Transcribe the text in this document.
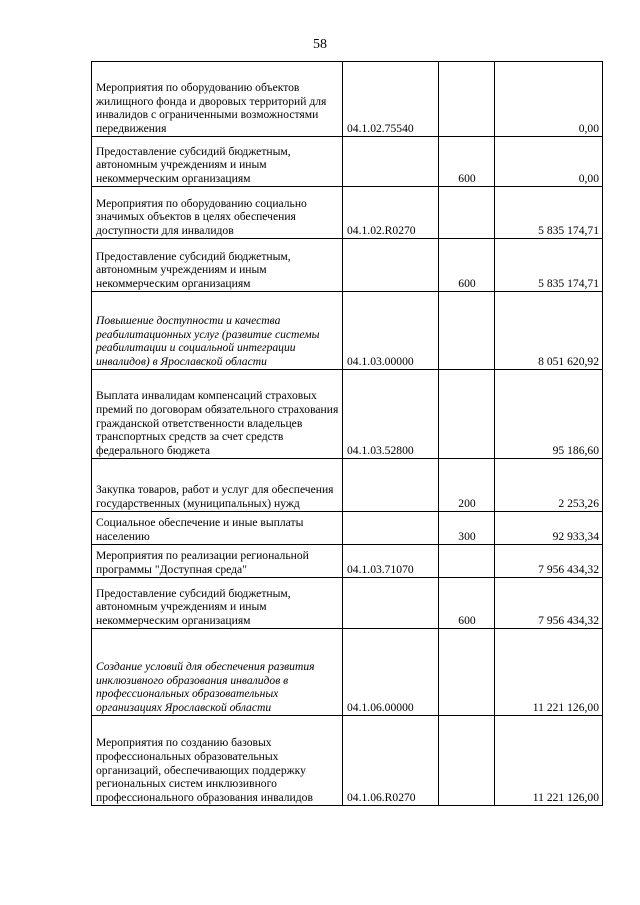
58
Мероприятия по оборудованию объектов жилищного фонда и дворовых территорий для инвалидов с ограниченными возможностями передвижения	04.1.02.75540		0,00

Предоставление субсидий бюджетным, автономным учреждениям и иным некоммерческим организациям		600	0,00

Мероприятия по оборудованию социально значимых объектов в целях обеспечения доступности для инвалидов	04.1.02.R0270		5 835 174,71

Предоставление субсидий бюджетным, автономным учреждениям и иным некоммерческим организациям		600	5 835 174,71

Повышение доступности и качества реабилитационных услуг (развитие системы реабилитации и социальной интеграции инвалидов) в Ярославской области	04.1.03.00000		8 051 620,92

Выплата инвалидам компенсаций страховых премий по договорам обязательного страхования гражданской ответственности владельцев транспортных средств за счет средств федерального бюджета	04.1.03.52800		95 186,60

Закупка товаров, работ и услуг для обеспечения государственных (муниципальных) нужд		200	2 253,26

Социальное обеспечение и иные выплаты населению		300	92 933,34

Мероприятия по реализации региональной программы "Доступная среда"	04.1.03.71070		7 956 434,32

Предоставление субсидий бюджетным, автономным учреждениям и иным некоммерческим организациям		600	7 956 434,32

Создание условий для обеспечения развития инклюзивного образования инвалидов в профессиональных образовательных организациях Ярославской области	04.1.06.00000		11 221 126,00

Мероприятия по созданию базовых профессиональных образовательных организаций, обеспечивающих поддержку региональных систем инклюзивного профессионального образования инвалидов	04.1.06.R0270		11 221 126,00
